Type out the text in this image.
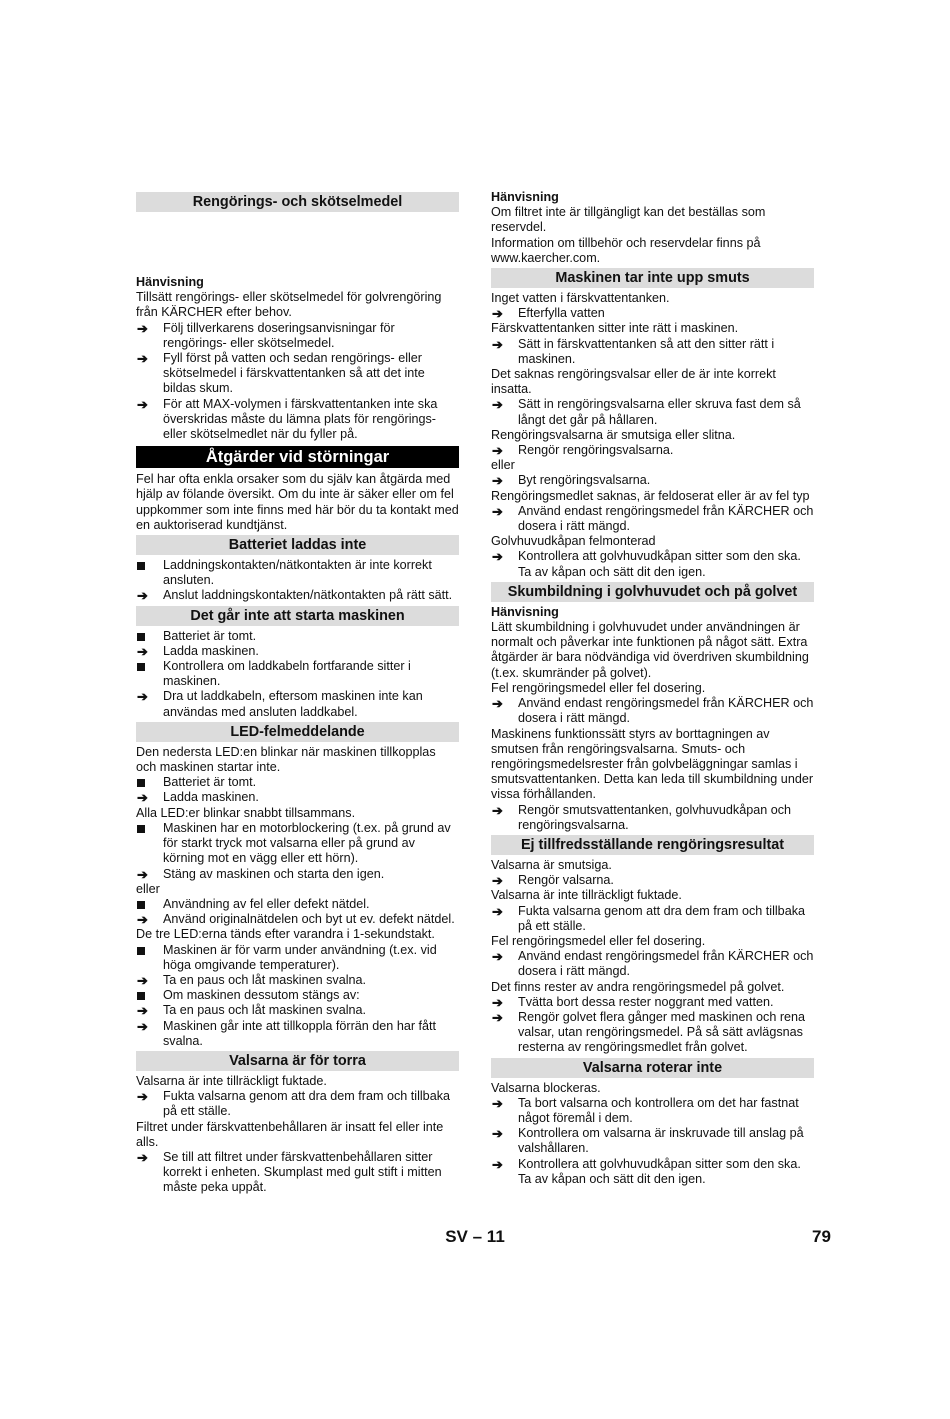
Rengörings- och skötselmedel
Hänvisning
Tillsätt rengörings- eller skötselmedel för golvrengöring från KÄRCHER efter behov.
➔	Följ tillverkarens doseringsanvisningar för rengörings- eller skötselmedel.
➔	Fyll först på vatten och sedan rengörings- eller skötselmedel i färskvattentanken så att det inte bildas skum.
➔	För att MAX-volymen i färskvattentanken inte ska överskridas måste du lämna plats för rengörings- eller skötselmedlet när du fyller på.
Åtgärder vid störningar
Fel har ofta enkla orsaker som du själv kan åtgärda med hjälp av fölande översikt. Om du inte är säker eller om fel uppkommer som inte finns med här bör du ta kontakt med en auktoriserad kundtjänst.
Batteriet laddas inte
Laddningskontakten/nätkontakten är inte korrekt ansluten.
➔	Anslut laddningskontakten/nätkontakten på rätt sätt.
Det går inte att starta maskinen
Batteriet är tomt.
➔	Ladda maskinen.
Kontrollera om laddkabeln fortfarande sitter i maskinen.
➔	Dra ut laddkabeln, eftersom maskinen inte kan användas med ansluten laddkabel.
LED-felmeddelande
Den nedersta LED:en blinkar när maskinen tillkopplas och maskinen startar inte.
Batteriet är tomt.
➔	Ladda maskinen.
Alla LED:er blinkar snabbt tillsammans.
Maskinen har en motorblockering (t.ex. på grund av för starkt tryck mot valsarna eller på grund av körning mot en vägg eller ett hörn).
➔	Stäng av maskinen och starta den igen.
eller
Användning av fel eller defekt nätdel.
➔	Använd originalnätdelen och byt ut ev. defekt nätdel.
De tre LED:erna tänds efter varandra i 1-sekundstakt.
Maskinen är för varm under användning (t.ex. vid höga omgivande temperaturer).
➔	Ta en paus och låt maskinen svalna.
Om maskinen dessutom stängs av:
➔	Ta en paus och låt maskinen svalna.
➔	Maskinen går inte att tillkoppla förrän den har fått svalna.
Valsarna är för torra
Valsarna är inte tillräckligt fuktade.
➔	Fukta valsarna genom att dra dem fram och tillbaka på ett ställe.
Filtret under färskvattenbehållaren är insatt fel eller inte alls.
➔	Se till att filtret under färskvattenbehållaren sitter korrekt i enheten. Skumplast med gult stift i mitten måste peka uppåt.
Hänvisning
Om filtret inte är tillgängligt kan det beställas som reservdel.
Information om tillbehör och reservdelar finns på www.kaercher.com.
Maskinen tar inte upp smuts
Inget vatten i färskvattentanken.
➔	Efterfylla vatten
Färskvattentanken sitter inte rätt i maskinen.
➔	Sätt in färskvattentanken så att den sitter rätt i maskinen.
Det saknas rengöringsvalsar eller de är inte korrekt insatta.
➔	Sätt in rengöringsvalsarna eller skruva fast dem så långt det går på hållaren.
Rengöringsvalsarna är smutsiga eller slitna.
➔	Rengör rengöringsvalsarna.
eller
➔	Byt rengöringsvalsarna.
Rengöringsmedlet saknas, är feldoserat eller är av fel typ
➔	Använd endast rengöringsmedel från KÄRCHER och dosera i rätt mängd.
Golvhuvudkåpan felmonterad
➔	Kontrollera att golvhuvudkåpan sitter som den ska. Ta av kåpan och sätt dit den igen.
Skumbildning i golvhuvudet och på golvet
Hänvisning
Lätt skumbildning i golvhuvudet under användningen är normalt och påverkar inte funktionen på något sätt. Extra åtgärder är bara nödvändiga vid överdriven skumbildning (t.ex. skumränder på golvet).
Fel rengöringsmedel eller fel dosering.
➔	Använd endast rengöringsmedel från KÄRCHER och dosera i rätt mängd.
Maskinens funktionssätt styrs av borttagningen av smutsen från rengöringsvalsarna. Smuts- och rengöringsmedelsrester från golvbeläggningar samlas i smutsvattentanken. Detta kan leda till skumbildning under vissa förhållanden.
➔	Rengör smutsvattentanken, golvhuvudkåpan och rengöringsvalsarna.
Ej tillfredsställande rengöringsresultat
Valsarna är smutsiga.
➔	Rengör valsarna.
Valsarna är inte tillräckligt fuktade.
➔	Fukta valsarna genom att dra dem fram och tillbaka på ett ställe.
Fel rengöringsmedel eller fel dosering.
➔	Använd endast rengöringsmedel från KÄRCHER och dosera i rätt mängd.
Det finns rester av andra rengöringsmedel på golvet.
➔	Tvätta bort dessa rester noggrant med vatten.
➔	Rengör golvet flera gånger med maskinen och rena valsar, utan rengöringsmedel. På så sätt avlägsnas resterna av rengöringsmedlet från golvet.
Valsarna roterar inte
Valsarna blockeras.
➔	Ta bort valsarna och kontrollera om det har fastnat något föremål i dem.
➔	Kontrollera om valsarna är inskruvade till anslag på valshållaren.
➔	Kontrollera att golvhuvudkåpan sitter som den ska. Ta av kåpan och sätt dit den igen.
SV – 11	79
